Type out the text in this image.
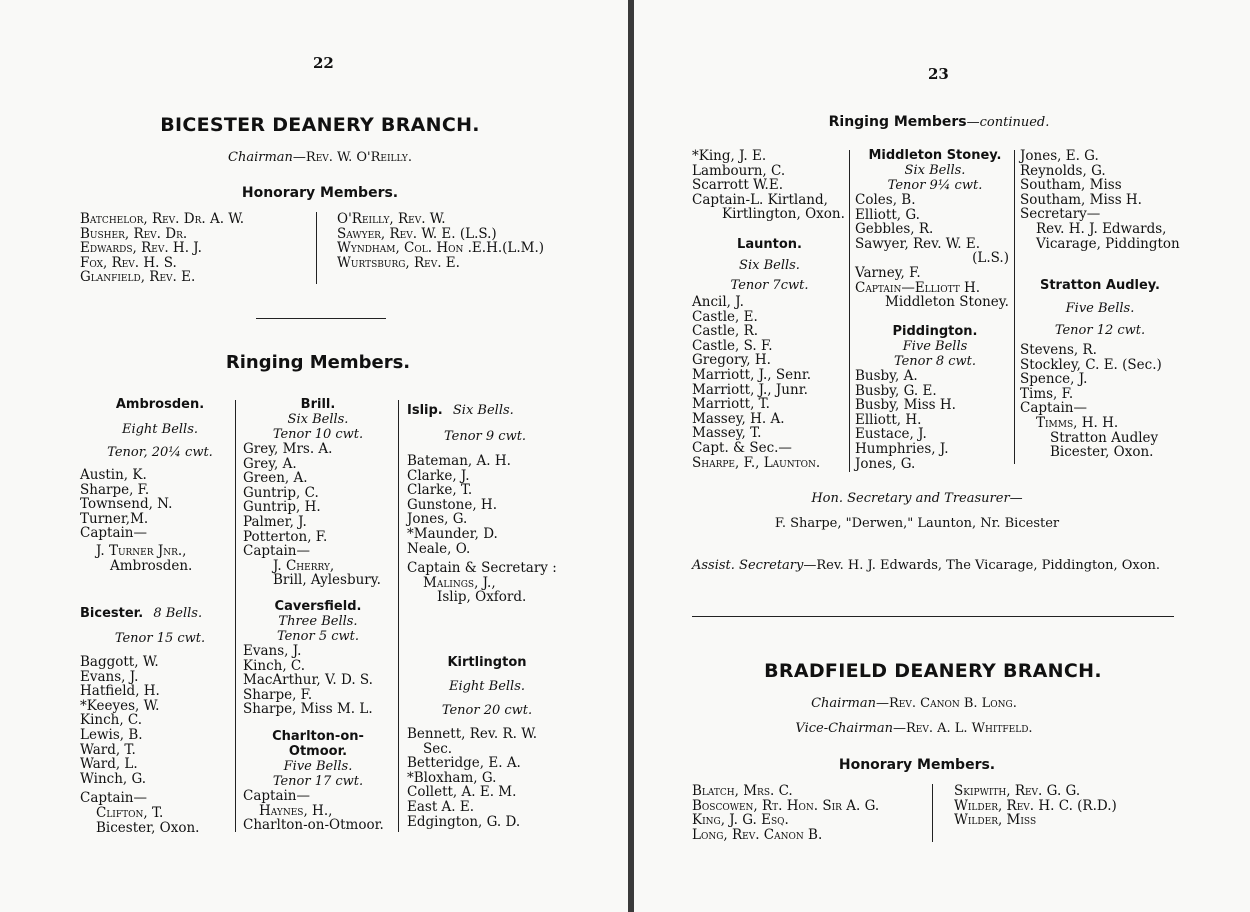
22
BICESTER DEANERY BRANCH.
Chairman—Rev. W. O'Reilly.
Honorary Members.
Batchelor, Rev. Dr. A. W.
Busher, Rev. Dr.
Edwards, Rev. H. J.
Fox, Rev. H. S.
Glanfield, Rev. E.
O'Reilly, Rev. W.
Sawyer, Rev. W. E. (L.S.)
Wyndham, Col. Hon .E.H.(L.M.)
Wurtsburg, Rev. E.
Ringing Members.
Ambrosden.
Eight Bells.
Tenor, 20¼ cwt.
Austin, K.
Sharpe, F.
Townsend, N.
Turner,M.
Captain—
J. Turner Jnr.,
Ambrosden.
Bicester. 8 Bells.
Tenor 15 cwt.
Baggott, W.
Evans, J.
Hatfield, H.
*Keeyes, W.
Kinch, C.
Lewis, B.
Ward, T.
Ward, L.
Winch, G.
Captain—
Clifton, T.
Bicester, Oxon.
Brill.
Six Bells.
Tenor 10 cwt.
Grey, Mrs. A.
Grey, A.
Green, A.
Guntrip, C.
Guntrip, H.
Palmer, J.
Potterton, F.
Captain—
J. Cherry,
Brill, Aylesbury.
Caversfield.
Three Bells.
Tenor 5 cwt.
Evans, J.
Kinch, C.
MacArthur, V. D. S.
Sharpe, F.
Sharpe, Miss M. L.
Charlton-on-
Otmoor.
Five Bells.
Tenor 17 cwt.
Captain—
Haynes, H.,
Charlton-on-Otmoor.
Islip. Six Bells.
Tenor 9 cwt.
Bateman, A. H.
Clarke, J.
Clarke, T.
Gunstone, H.
Jones, G.
*Maunder, D.
Neale, O.
Captain & Secretary :
Malings, J.,
Islip, Oxford.
Kirtlington
Eight Bells.
Tenor 20 cwt.
Bennett, Rev. R. W.
Sec.
Betteridge, E. A.
*Bloxham, G.
Collett, A. E. M.
East A. E.
Edgington, G. D.
23
Ringing Members—continued.
*King, J. E.
Lambourn, C.
Scarrott W.E.
Captain-L. Kirtland,
Kirtlington, Oxon.
Launton.
Six Bells.
Tenor 7cwt.
Ancil, J.
Castle, E.
Castle, R.
Castle, S. F.
Gregory, H.
Marriott, J., Senr.
Marriott, J., Junr.
Marriott, T.
Massey, H. A.
Massey, T.
Capt. & Sec.—
Sharpe, F., Launton.
Middleton Stoney.
Six Bells.
Tenor 9¼ cwt.
Coles, B.
Elliott, G.
Gebbles, R.
Sawyer, Rev. W. E.
(L.S.)
Varney, F.
Captain—Elliott H.
Middleton Stoney.
Piddington.
Five Bells
Tenor 8 cwt.
Busby, A.
Busby, G. E.
Busby, Miss H.
Elliott, H.
Eustace, J.
Humphries, J.
Jones, G.
Jones, E. G.
Reynolds, G.
Southam, Miss
Southam, Miss H.
Secretary—
Rev. H. J. Edwards,
Vicarage, Piddington
Stratton Audley.
Five Bells.
Tenor 12 cwt.
Stevens, R.
Stockley, C. E. (Sec.)
Spence, J.
Tims, F.
Captain—
Timms, H. H.
Stratton Audley
Bicester, Oxon.
Hon. Secretary and Treasurer—
F. Sharpe, "Derwen," Launton, Nr. Bicester
Assist. Secretary—Rev. H. J. Edwards, The Vicarage, Piddington, Oxon.
BRADFIELD DEANERY BRANCH.
Chairman—Rev. Canon B. Long.
Vice-Chairman—Rev. A. L. Whitfeld.
Honorary Members.
Blatch, Mrs. C.
Boscowen, Rt. Hon. Sir A. G.
King, J. G. Esq.
Long, Rev. Canon B.
Skipwith, Rev. G. G.
Wilder, Rev. H. C. (R.D.)
Wilder, Miss
